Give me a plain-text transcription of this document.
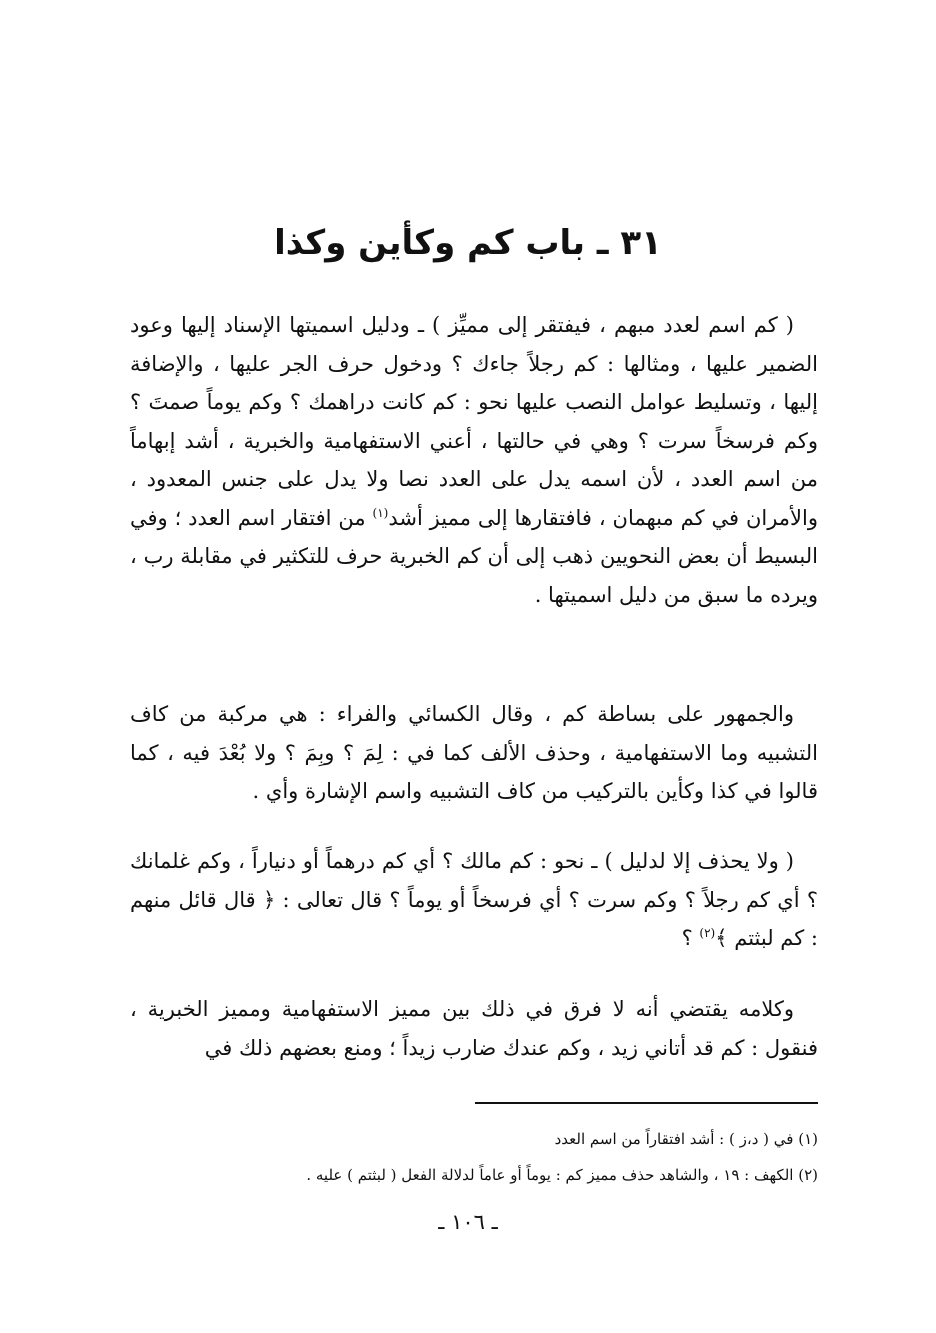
٣١ ـ باب كم وكأين وكذا

( كم اسم لعدد مبهم ، فيفتقر إلى مميِّز ) ـ ودليل اسميتها الإسناد إليها وعود الضمير عليها ، ومثالها : كم رجلاً جاءك ؟ ودخول حرف الجر عليها ، والإضافة إليها ، وتسليط عوامل النصب عليها نحو : كم كانت دراهمك ؟ وكم يوماً صمتَ ؟ وكم فرسخاً سرت ؟ وهي في حالتها ، أعني الاستفهامية والخبرية ، أشد إبهاماً من اسم العدد ، لأن اسمه يدل على العدد نصا ولا يدل على جنس المعدود ، والأمران في كم مبهمان ، فافتقارها إلى مميز أشد$^{(١)}$ من افتقار اسم العدد ؛ وفي البسيط أن بعض النحويين ذهب إلى أن كم الخبرية حرف للتكثير في مقابلة رب ، ويرده ما سبق من دليل اسميتها .

والجمهور على بساطة كم ، وقال الكسائي والفراء : هي مركبة من كاف التشبيه وما الاستفهامية ، وحذف الألف كما في : لِمَ ؟ وبِمَ ؟ ولا بُعْدَ فيه ، كما قالوا في كذا وكأين بالتركيب من كاف التشبيه واسم الإشارة وأي .

( ولا يحذف إلا لدليل ) ـ نحو : كم مالك ؟ أي كم درهماً أو دنياراً ، وكم غلمانك ؟ أي كم رجلاً ؟ وكم سرت ؟ أي فرسخاً أو يوماً ؟ قال تعالى : ﴿ قال قائل منهم : كم لبثتم ﴾$^{(٢)}$ ؟

وكلامه يقتضي أنه لا فرق في ذلك بين مميز الاستفهامية ومميز الخبرية ، فنقول : كم قد أتاني زيد ، وكم عندك ضارب زيداً ؛ ومنع بعضهم ذلك في

(١) في ( د،ز ) : أشد افتقاراً من اسم العدد

(٢) الكهف : ١٩ ، والشاهد حذف مميز كم : يوماً أو عاماً لدلالة الفعل ( لبثتم ) عليه .

ـ ١٠٦ ـ
